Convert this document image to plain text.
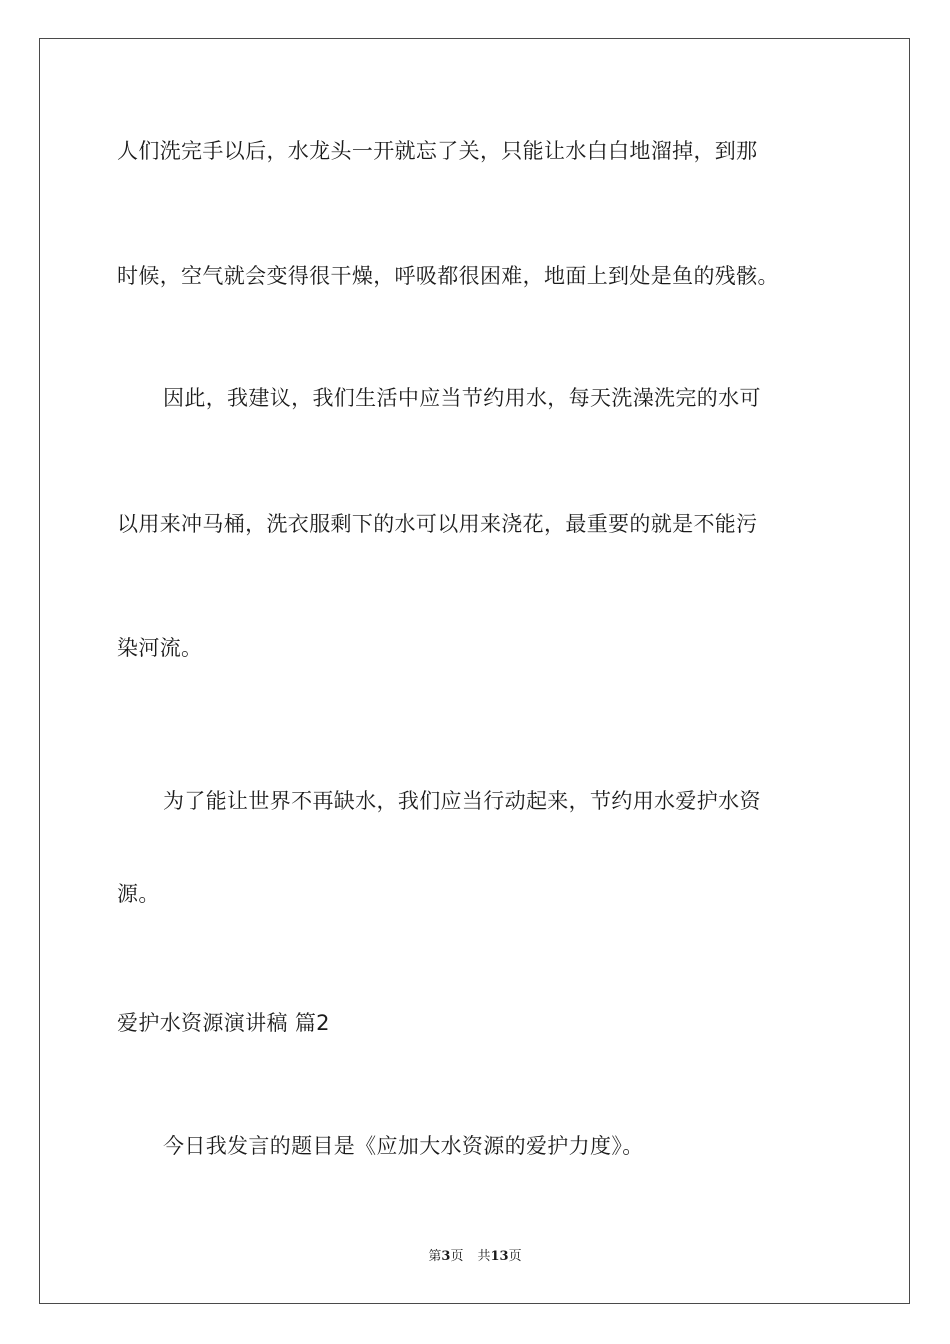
人们洗完手以后，水龙头一开就忘了关，只能让水白白地溜掉，到那
时候，空气就会变得很干燥，呼吸都很困难，地面上到处是鱼的残骸。
因此，我建议，我们生活中应当节约用水，每天洗澡洗完的水可
以用来冲马桶，洗衣服剩下的水可以用来浇花，最重要的就是不能污
染河流。
为了能让世界不再缺水，我们应当行动起来，节约用水爱护水资
源。
爱护水资源演讲稿 篇2
今日我发言的题目是《应加大水资源的爱护力度》。
第3页 共13页
